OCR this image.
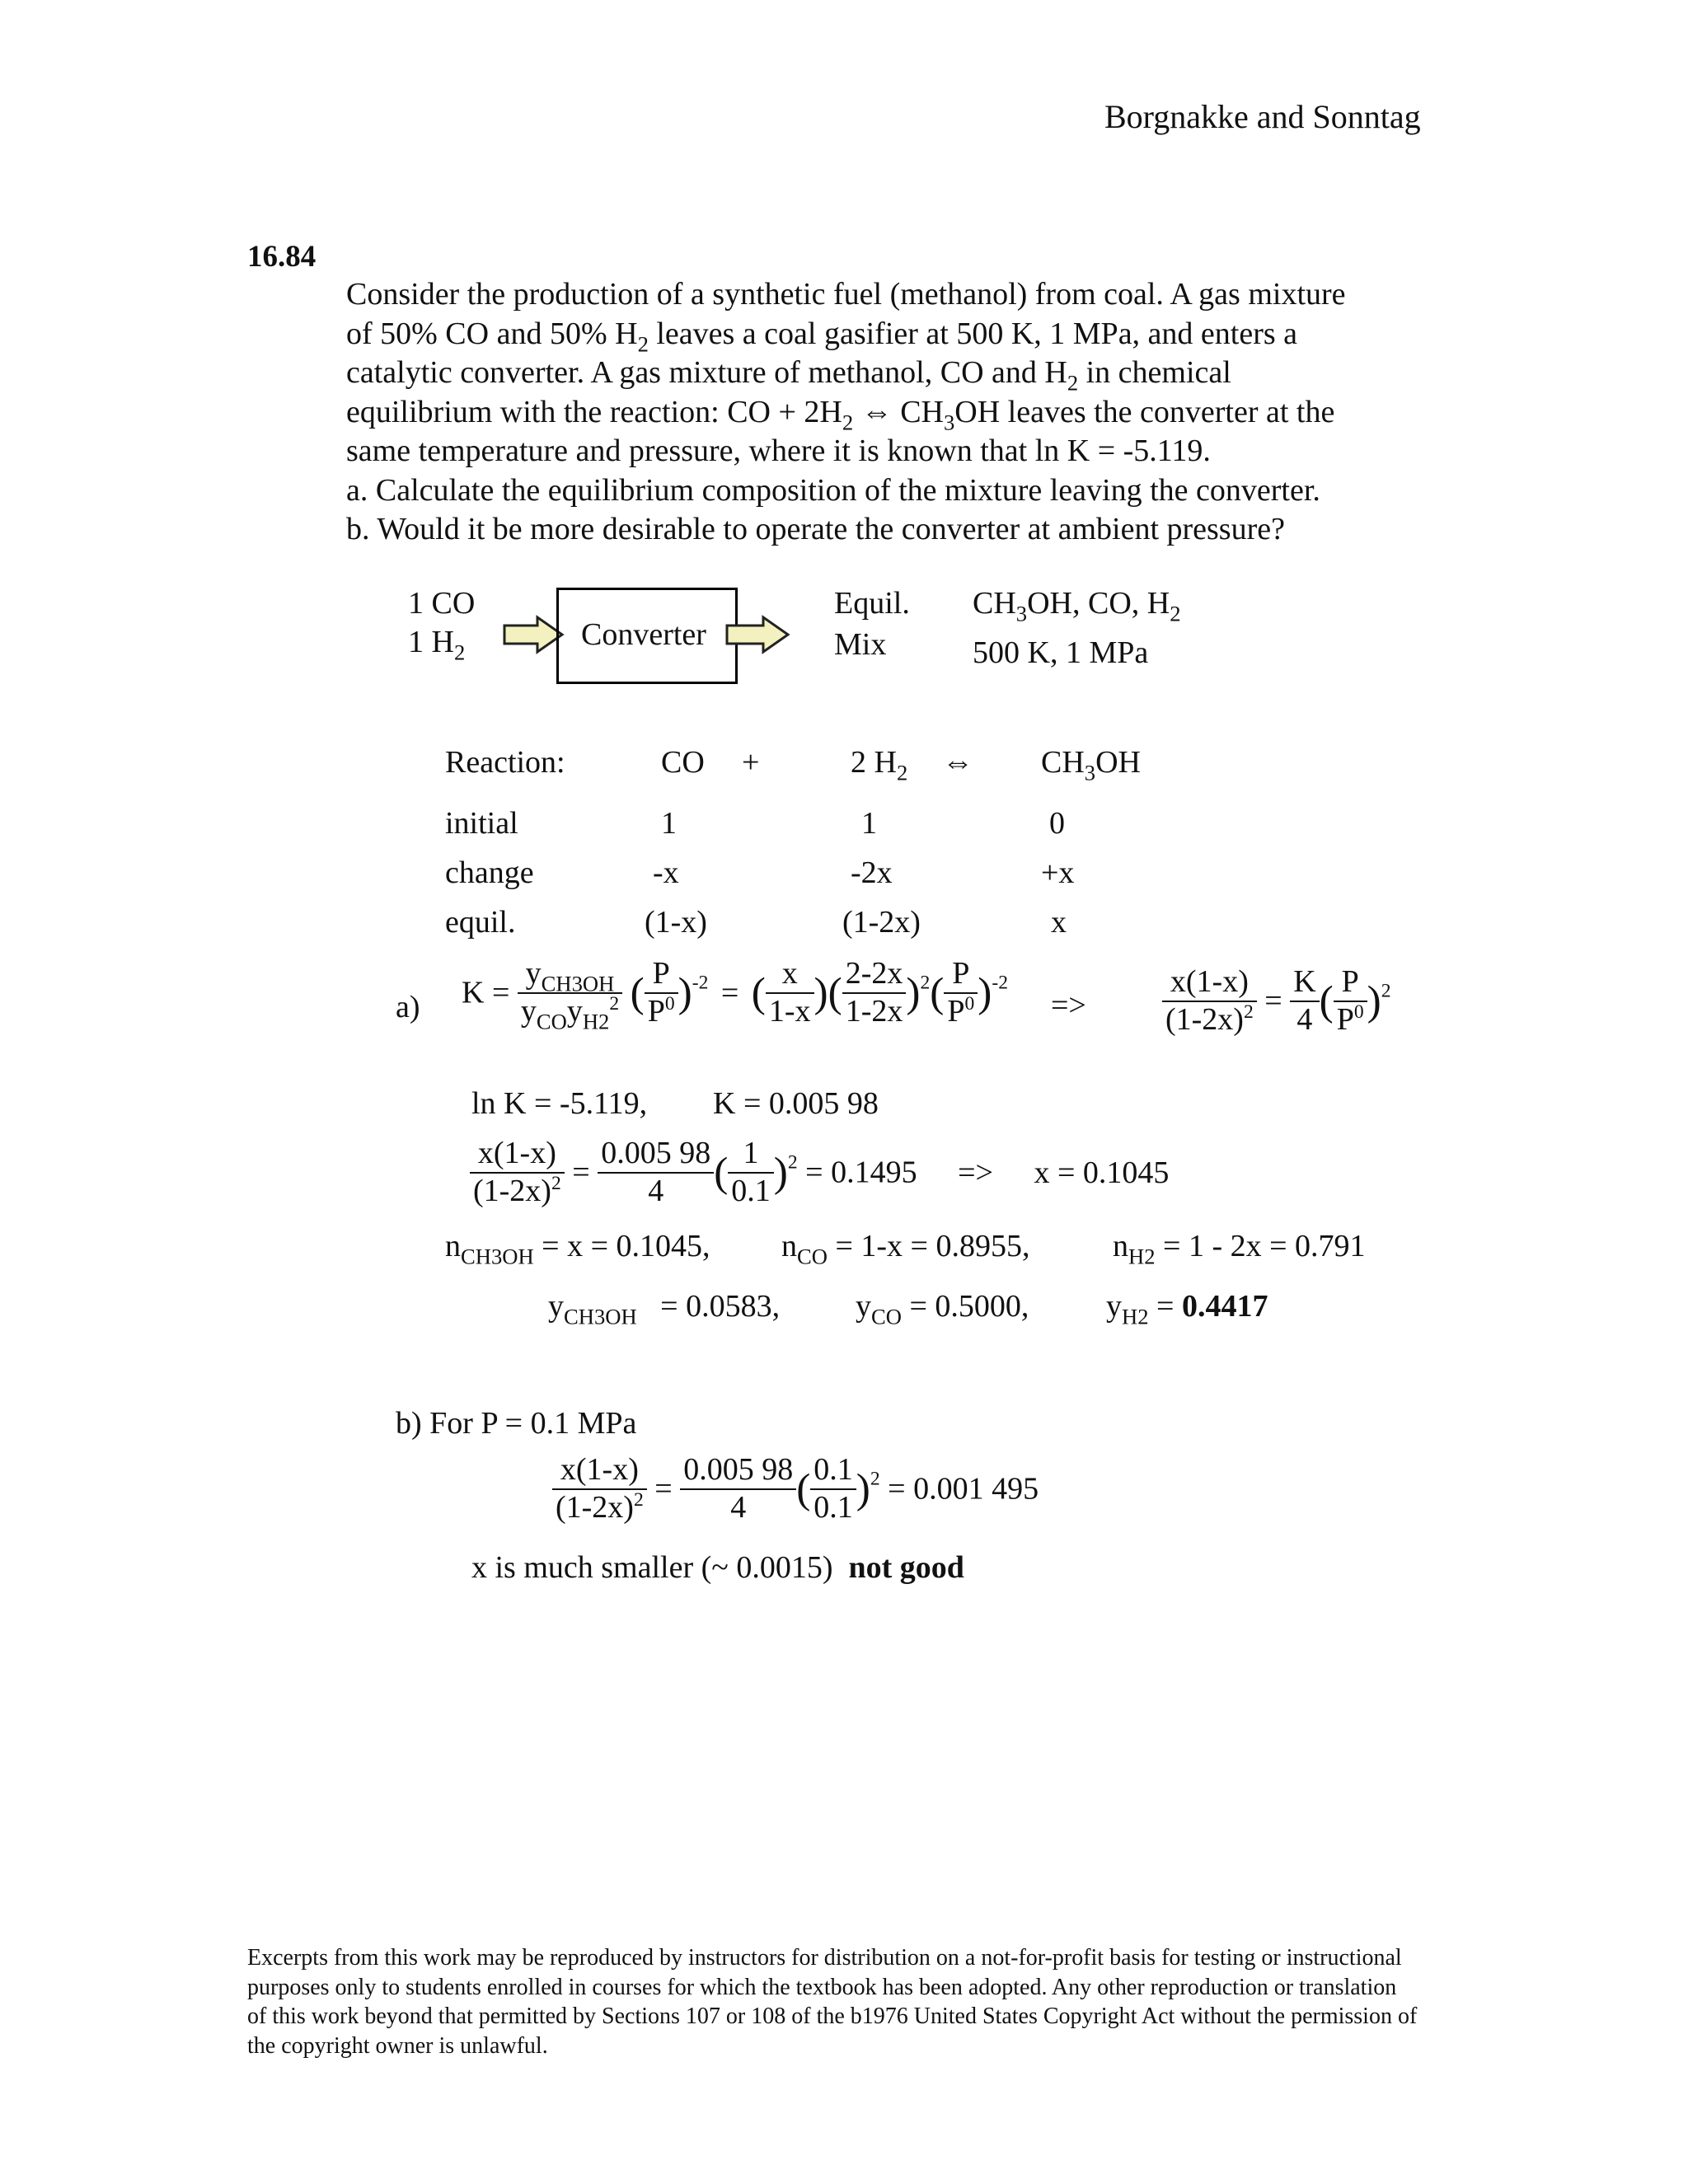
Borgnakke and Sonntag
16.84

Consider the production of a synthetic fuel (methanol) from coal. A gas mixture

of 50% CO and 50% $H_2$ leaves a coal gasifier at 500 K, 1 MPa, and enters a

catalytic converter. A gas mixture of methanol, CO and $H_2$ in chemical

equilibrium with the reaction: CO + $2H_2$ ⇔ $CH_3OH$ leaves the converter at the

same temperature and pressure, where it is known that ln K = -5.119.

a. Calculate the equilibrium composition of the mixture leaving the converter.

b. Would it be more desirable to operate the converter at ambient pressure?

1 CO
1 $H_2$
Converter
Equil.
Mix
$CH_3OH$, CO, $H_2$
500 K, 1 MPa
Reaction:	CO +	2 $H_2$ ⇔ $CH_3OH$
initial	1	1	0
change	-x	-2x	+x
equil.	(1-x)	(1-2x)	x
a) $K = \frac{y_{CH3OH}}{y_{CO}y_{H2}^2}$ ( $\frac{P}{P^0} )^{-2}$ = ( $\frac{x}{1-x}$ )( $\frac{2-2x}{1-2x} )^2( \frac{P}{P^0} )^{-2}$
=> $\frac{x(1-x)}{(1-2x)^2} = \frac{K}{4}$ ( $\frac{P}{P^0} )^2$
ln K = -5.119, K = 0.005 98
$\frac{x(1-x)}{(1-2x)^2} = \frac{0.005 98}{4}$ ( $\frac{1}{0.1} )^2 = 0.1495 => x = 0.1045$
$n_{CH3OH} = x = 0.1045$, $n_{CO} = 1-x = 0.8955$,	$n_{H2} = 1 - 2x = 0.791$
$y_{CH3OH} = 0.0583$, $y_{CO} = 0.5000$, $y_{H2} = 0.4417$
b) For P = 0.1 MPa
$\frac{x(1-x)}{(1-2x)^2} = \frac{0.005 98}{4}$ ( $\frac{0.1}{0.1} )^2 = 0.001$ 495
x is much smaller (~ 0.0015) not good
Excerpts from this work may be reproduced by instructors for distribution on a not-for-profit basis for testing or instructional purposes only to students enrolled in courses for which the textbook has been adopted. Any other reproduction or translation of this work beyond that permitted by Sections 107 or 108 of the b1976 United States Copyright Act without the permission of the copyright owner is unlawful.
